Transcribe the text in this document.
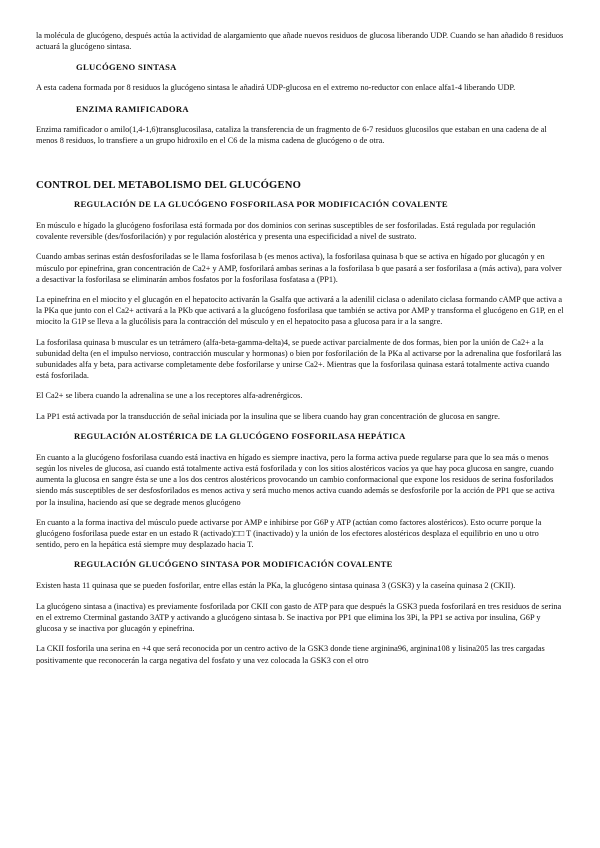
la molécula de glucógeno, después actúa la actividad de alargamiento que añade nuevos residuos de glucosa liberando UDP. Cuando se han añadido 8 residuos actuará la glucógeno sintasa.

GLUCÓGENO SINTASA

A esta cadena formada por 8 residuos la glucógeno sintasa le añadirá UDP-glucosa en el extremo no-reductor con enlace alfa1-4 liberando UDP.

ENZIMA RAMIFICADORA

Enzima ramificador o amilo(1,4-1,6)transglucosilasa, cataliza la transferencia de un fragmento de 6-7 residuos glucosilos que estaban en una cadena de al menos 8 residuos, lo transfiere a un grupo hidroxilo en el C6 de la misma cadena de glucógeno o de otra.

CONTROL DEL METABOLISMO DEL GLUCÓGENO
REGULACIÓN DE LA GLUCÓGENO FOSFORILASA POR MODIFICACIÓN COVALENTE

En músculo e hígado la glucógeno fosforilasa está formada por dos dominios con serinas susceptibles de ser fosforiladas. Está regulada por regulación covalente reversible (des/fosforilación) y por regulación alostérica y presenta una especificidad a nivel de sustrato.

Cuando ambas serinas están desfosforiladas se le llama fosforilasa b (es menos activa), la fosforilasa quinasa b que se activa en hígado por glucagón y en músculo por epinefrina, gran concentración de Ca2+ y AMP, fosforilará ambas serinas a la fosforilasa b que pasará a ser fosforilasa a (más activa), para volver a desactivar la fosforilasa se eliminarán ambos fosfatos por la fosforilasa fosfatasa a (PP1).

La epinefrina en el miocito y el glucagón en el hepatocito activarán la Gsalfa que activará a la adenilil ciclasa o adenilato ciclasa formando cAMP que activa a la PKa que junto con el Ca2+ activará a la PKb que activará a la glucógeno fosforilasa que también se activa por AMP y transforma el glucógeno en G1P, en el miocito la G1P se lleva a la glucólisis para la contracción del músculo y en el hepatocito pasa a glucosa para ir a la sangre.

La fosforilasa quinasa b muscular es un tetrámero (alfa-beta-gamma-delta)4, se puede activar parcialmente de dos formas, bien por la unión de Ca2+ a la subunidad delta (en el impulso nervioso, contracción muscular y hormonas) o bien por fosforilación de la PKa al activarse por la adrenalina que fosforilará las subunidades alfa y beta, para activarse completamente debe fosforilarse y unirse Ca2+. Mientras que la fosforilasa quinasa estará totalmente activa cuando está fosforilada.

El Ca2+ se libera cuando la adrenalina se une a los receptores alfa-adrenérgicos.

La PP1 está activada por la transducción de señal iniciada por la insulina que se libera cuando hay gran concentración de glucosa en sangre.

REGULACIÓN ALOSTÉRICA DE LA GLUCÓGENO FOSFORILASA HEPÁTICA

En cuanto a la glucógeno fosforilasa cuando está inactiva en hígado es siempre inactiva, pero la forma activa puede regularse para que lo sea más o menos según los niveles de glucosa, así cuando está totalmente activa está fosforilada y con los sitios alostéricos vacíos ya que hay poca glucosa en sangre, cuando aumenta la glucosa en sangre ésta se une a los dos centros alostéricos provocando un cambio conformacional que expone los residuos de serina fosforilados siendo más susceptibles de ser desfosforilados es menos activa y será mucho menos activa cuando además se desfosforile por la acción de PP1 que se activa por la insulina, haciendo así que se degrade menos glucógeno

En cuanto a la forma inactiva del músculo puede activarse por AMP e inhibirse por G6P y ATP (actúan como factores alostéricos). Esto ocurre porque la glucógeno fosforilasa puede estar en un estado R (activado)□□ T (inactivado) y la unión de los efectores alostéricos desplaza el equilibrio en uno u otro sentido, pero en la hepática está siempre muy desplazado hacia T.

REGULACIÓN GLUCÓGENO SINTASA POR MODIFICACIÓN COVALENTE

Existen hasta 11 quinasa que se pueden fosforilar, entre ellas están la PKa, la glucógeno sintasa quinasa 3 (GSK3) y la caseína quinasa 2 (CKII).

La glucógeno sintasa a (inactiva) es previamente fosforilada por CKII con gasto de ATP para que después la GSK3 pueda fosforilará en tres residuos de serina en el extremo Cterminal gastando 3ATP y activando a glucógeno sintasa b. Se inactiva por PP1 que elimina los 3Pi, la PP1 se activa por insulina, G6P y glucosa y se inactiva por glucagón y epinefrina.

La CKII fosforila una serina en +4 que será reconocida por un centro activo de la GSK3 donde tiene arginina96, arginina108 y lisina205 las tres cargadas positivamente que reconocerán la carga negativa del fosfato y una vez colocada la GSK3 con el otro
